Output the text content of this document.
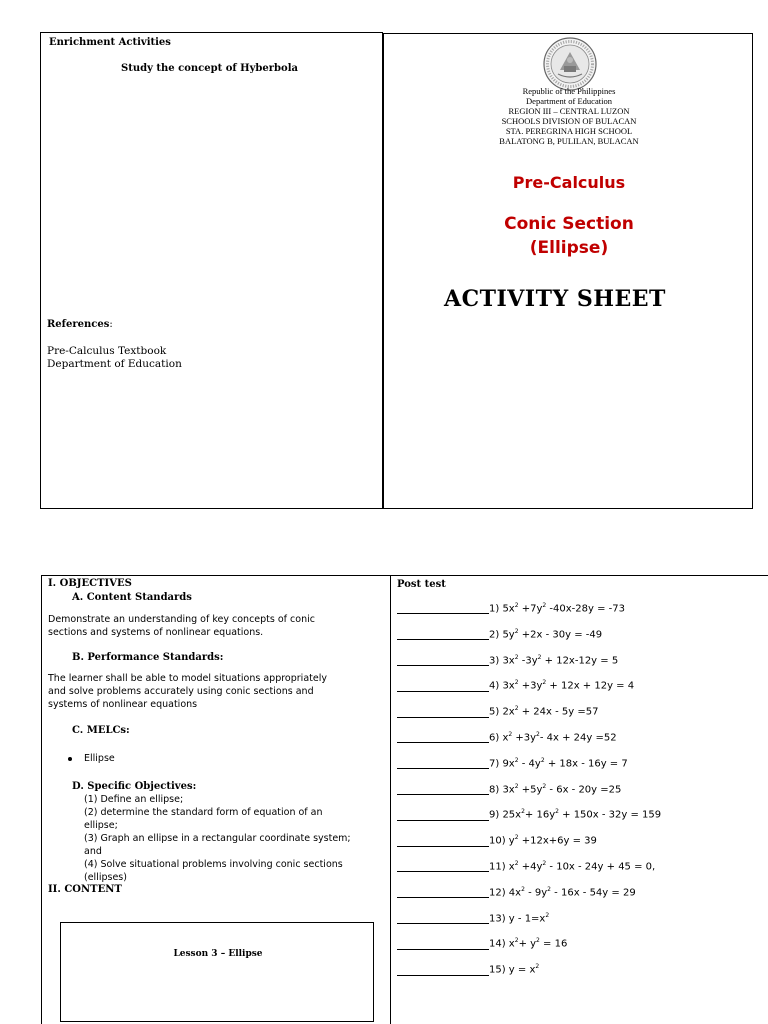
Enrichment Activities
Study the concept of Hyberbola
References:
Pre-Calculus Textbook
Department of Education
Republic of the Philippines
Department of Education
REGION III – CENTRAL LUZON
SCHOOLS DIVISION OF BULACAN
STA. PEREGRINA HIGH SCHOOL
BALATONG B, PULILAN, BULACAN
Pre-Calculus
Conic Section
(Ellipse)
ACTIVITY SHEET
I. OBJECTIVES
A. Content Standards
Demonstrate an understanding of key concepts of conic
sections and systems of nonlinear equations.
B. Performance Standards:
The learner shall be able to model situations appropriately
and solve problems accurately using conic sections and
systems of nonlinear equations
C. MELCs:
Ellipse
D. Specific Objectives:
(1) Define an ellipse;
(2) determine the standard form of equation of an
ellipse;
(3) Graph an ellipse in a rectangular coordinate system;
and
(4) Solve situational problems involving conic sections
(ellipses)
II. CONTENT
Lesson 3 – Ellipse
Post test
1) $5x^2 +7y^2$ -40x-28y = -73
2) $5y^2 +2x - 30y = -49$
3) $3x^2$ $-3y^2 + 12x-12y = 5$
4) $3x^2 +3y^2 + 12x + 12y = 4$
5) $2x^2 + 24x - 5y =57$
6) $x^2 +3y^2-$ 4x + 24y =52
7) $9x^2 - 4y^2 + 18x - 16y = 7$
8) $3x^2 +5y^2 - 6x - 20y =25$
9) $25x^2+ 16y^2 + 150x - 32y = 159$
10) $y^2 +12x+6y = 39$
11) $x^2 +4y^2 - 10x - 24y + 45 = 0$,
12) $4x^2 - 9y^2 - 16x - 54y = 29$
13) $y - 1=x^2$
14) $x^2+ y^2 = 16$
15) $y = x^2$
